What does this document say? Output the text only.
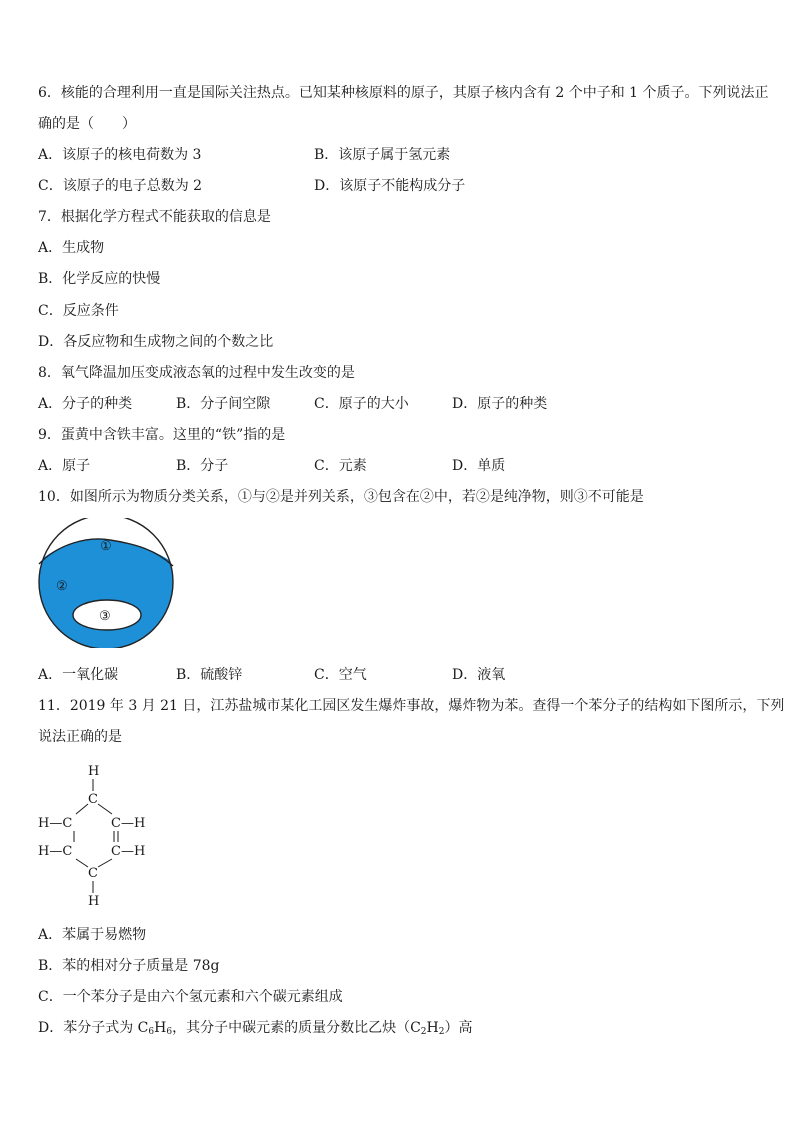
6．核能的合理利用一直是国际关注热点。已知某种核原料的原子，其原子核内含有 2 个中子和 1 个质子。下列说法正
确的是（　　）
A．该原子的核电荷数为 3	B．该原子属于氢元素
C．该原子的电子总数为 2	D．该原子不能构成分子
7．根据化学方程式不能获取的信息是
A．生成物
B．化学反应的快慢
C．反应条件
D．各反应物和生成物之间的个数之比
8．氧气降温加压变成液态氧的过程中发生改变的是
A．分子的种类	B．分子间空隙	C．原子的大小	D．原子的种类
9．蛋黄中含铁丰富。这里的“铁”指的是
A．原子	B．分子	C．元素	D．单质
10．如图所示为物质分类关系，①与②是并列关系，③包含在②中，若②是纯净物，则③不可能是
①
②
③
A．一氧化碳	B．硫酸锌	C．空气	D．液氧
11．2019 年 3 月 21 日，江苏盐城市某化工园区发生爆炸事故，爆炸物为苯。查得一个苯分子的结构如下图所示，下列
说法正确的是
H
C
H—C	C—H
H—C	C—H
C
H
A．苯属于易燃物
B．苯的相对分子质量是 78g
C．一个苯分子是由六个氢元素和六个碳元素组成
D．苯分子式为 $C_6H_6$，其分子中碳元素的质量分数比乙炔$(C_2H_2)$高
